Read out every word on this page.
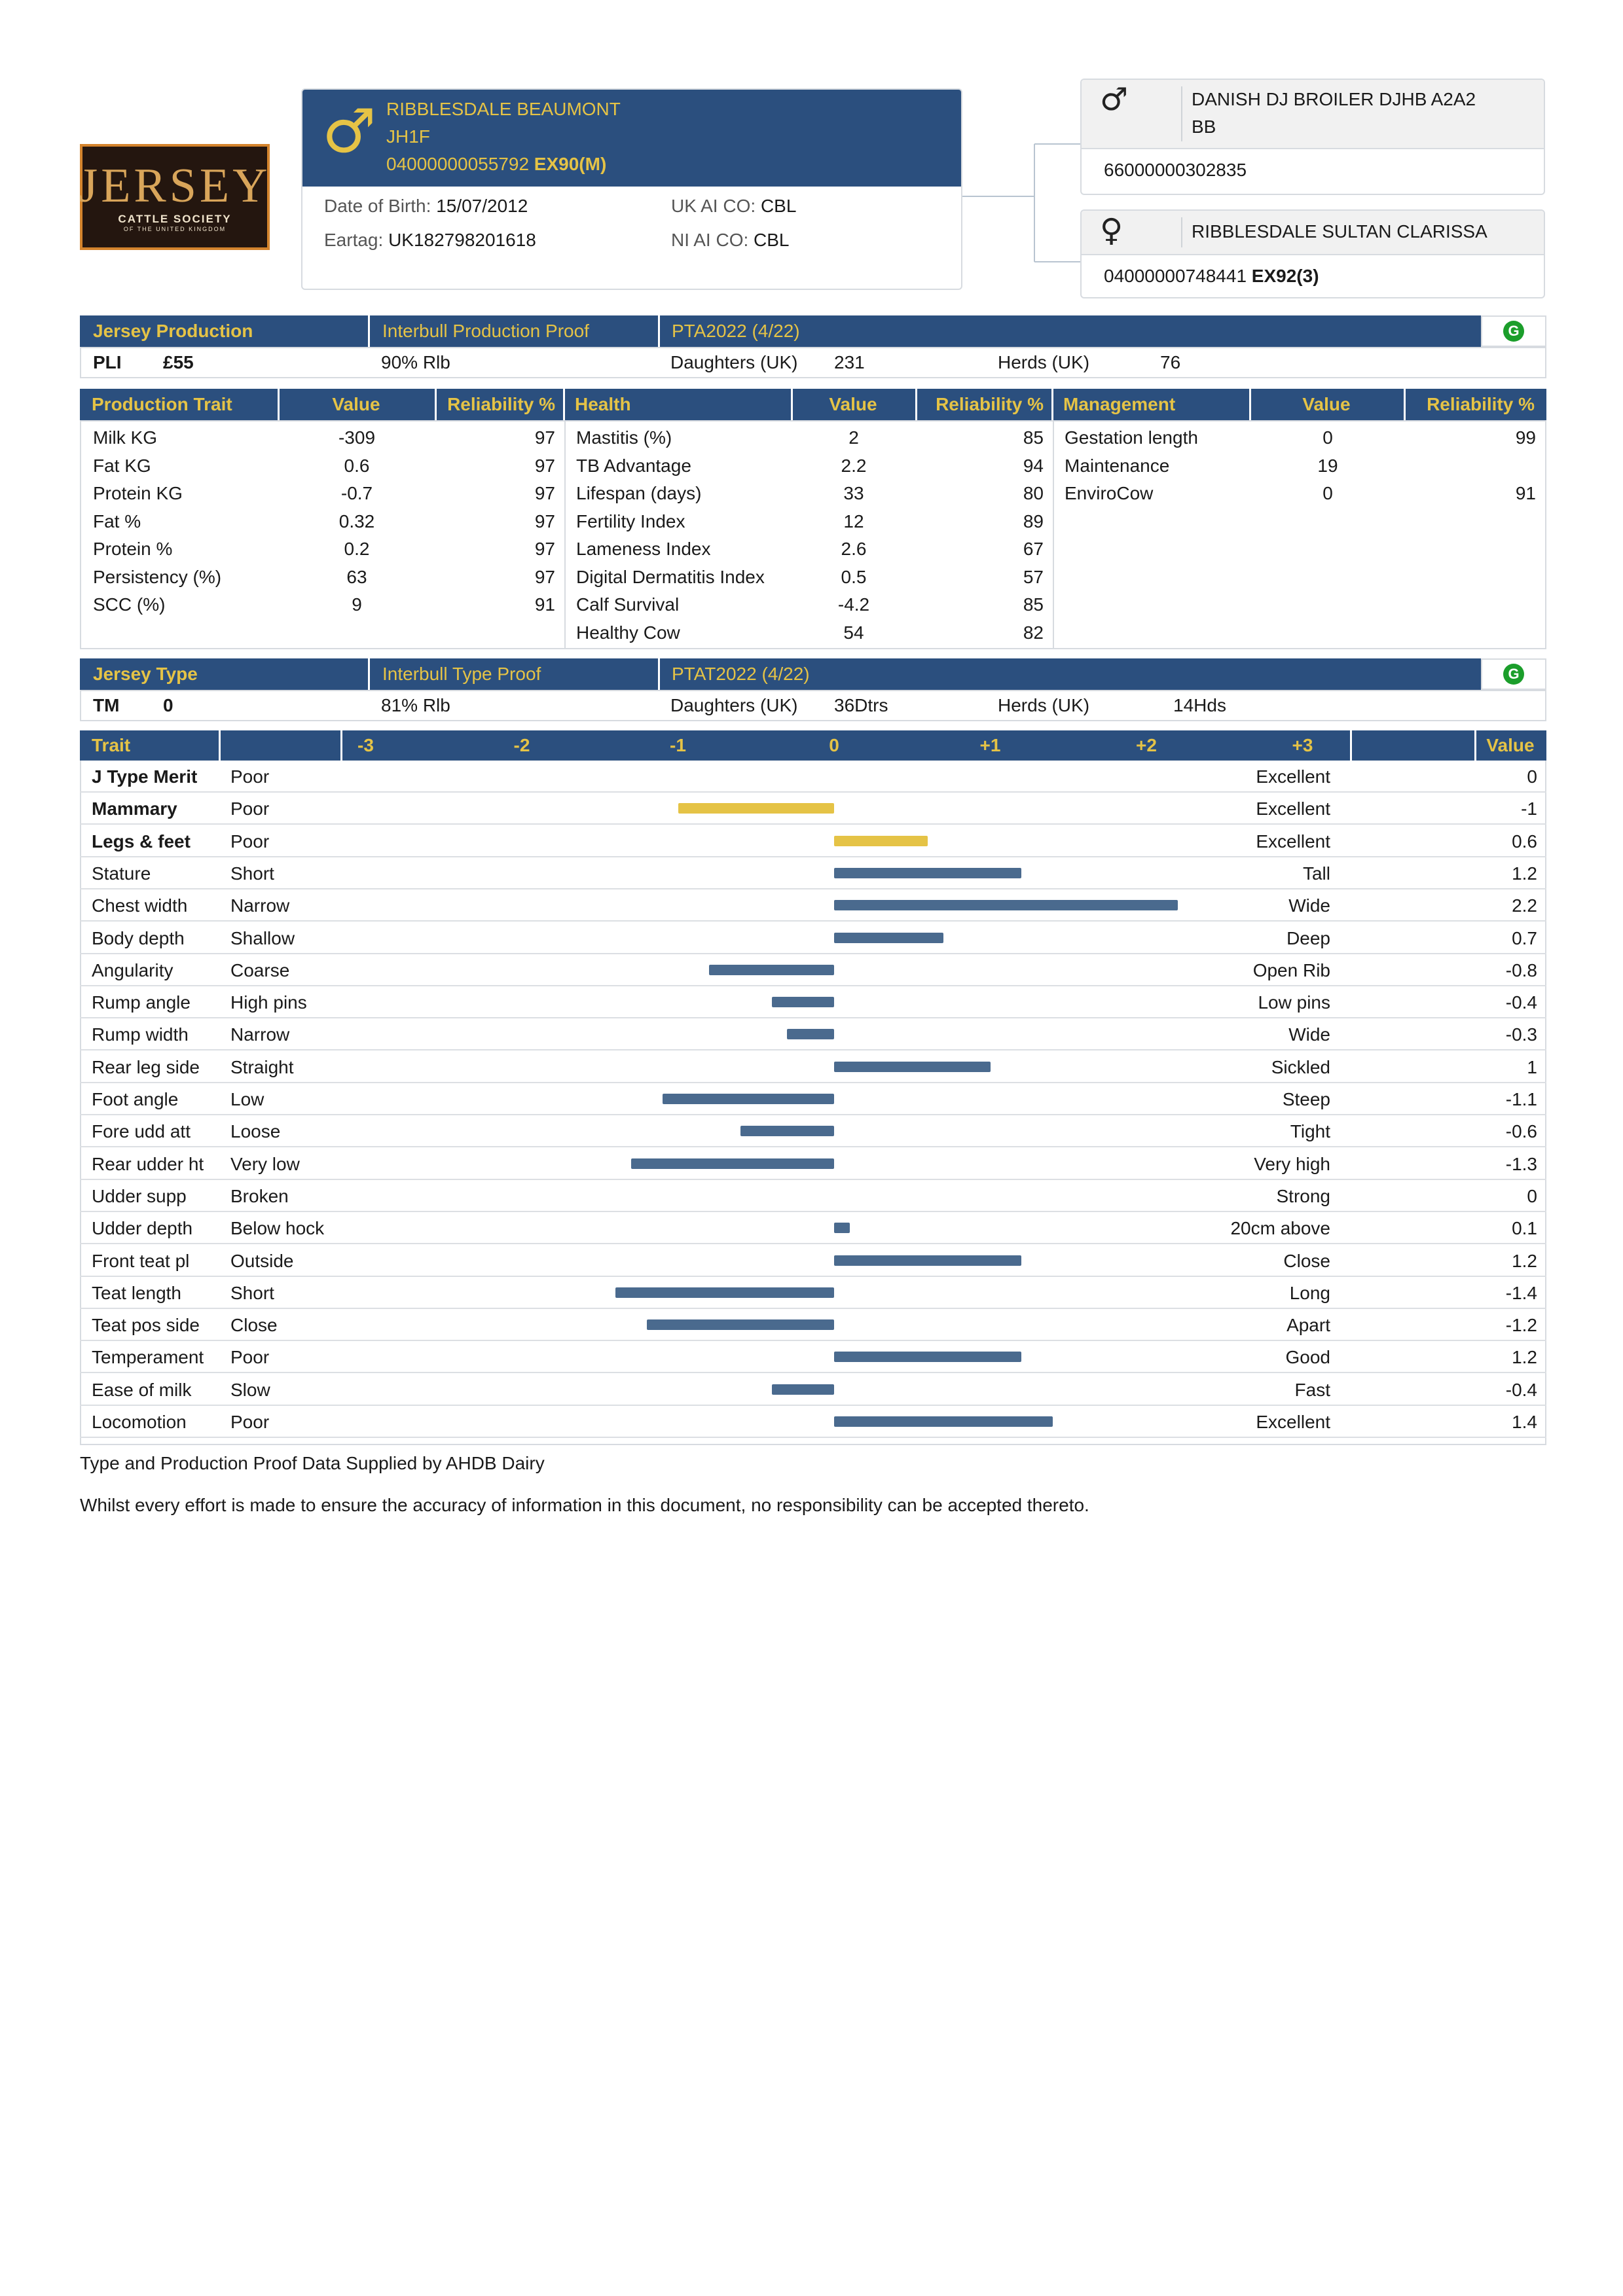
JERSEY
CATTLE SOCIETY
OF THE UNITED KINGDOM
♂ RIBBLESDALE BEAUMONT
JH1F
04000000055792 EX90(M)
Date of Birth: 15/07/2012
Eartag: UK182798201618
UK AI CO: CBL
NI AI CO: CBL
♂	DANISH DJ BROILER DJHB A2A2
BB
66000000302835
♀	RIBBLESDALE SULTAN CLARISSA
04000000748441 EX92(3)
Jersey Production	Interbull Production Proof	PTA2022 (4/22)	G
PLI £55	90% Rlb	Daughters (UK) 231	Herds (UK)	76
Production Trait	Value	Reliability %	Health	Value	Reliability %	Management	Value	Reliability %
Milk KG	-309	97
Fat KG	0.6	97
Protein KG	-0.7	97
Fat %	0.32	97
Protein %	0.2	97
Persistency (%)	63	97
SCC (%)	9	91
Mastitis (%)	2	85
TB Advantage	2.2	94
Lifespan (days)	33	80
Fertility Index	12	89
Lameness Index	2.6	67
Digital Dermatitis Index	0.5	57
Calf Survival	-4.2	85
Healthy Cow	54	82
Gestation length	0	99
Maintenance	19
EnviroCow	0	91
Jersey Type	Interbull Type Proof	PTAT2022 (4/22)	G
TM 0	81% Rlb	Daughters (UK) 36Dtrs	Herds (UK)	14Hds
Trait	-3	-2	-1	0	+1	+2	+3	Value
J Type Merit Poor	Excellent	0
Mammary	Poor	Excellent	-1
Legs & feet Poor	Excellent	0.6
Stature	Short	Tall	1.2
Chest width Narrow	Wide	2.2
Body depth	Shallow	Deep	0.7
Angularity	Coarse	Open Rib	-0.8
Rump angle High pins	Low pins	-0.4
Rump width Narrow	Wide	-0.3
Rear leg side Straight	Sickled	1
Foot angle	Low	Steep	-1.1
Fore udd att Loose	Tight	-0.6
Rear udder ht Very low	Very high	-1.3
Udder supp Broken	Strong	0
Udder depth Below hock	20cm above	0.1
Front teat pl Outside	Close	1.2
Teat length	Short	Long	-1.4
Teat pos side Close	Apart	-1.2
Temperament Poor	Good	1.2
Ease of milk Slow	Fast	-0.4
Locomotion Poor	Excellent	1.4
Type and Production Proof Data Supplied by AHDB Dairy
Whilst every effort is made to ensure the accuracy of information in this document, no responsibility can be accepted thereto.
